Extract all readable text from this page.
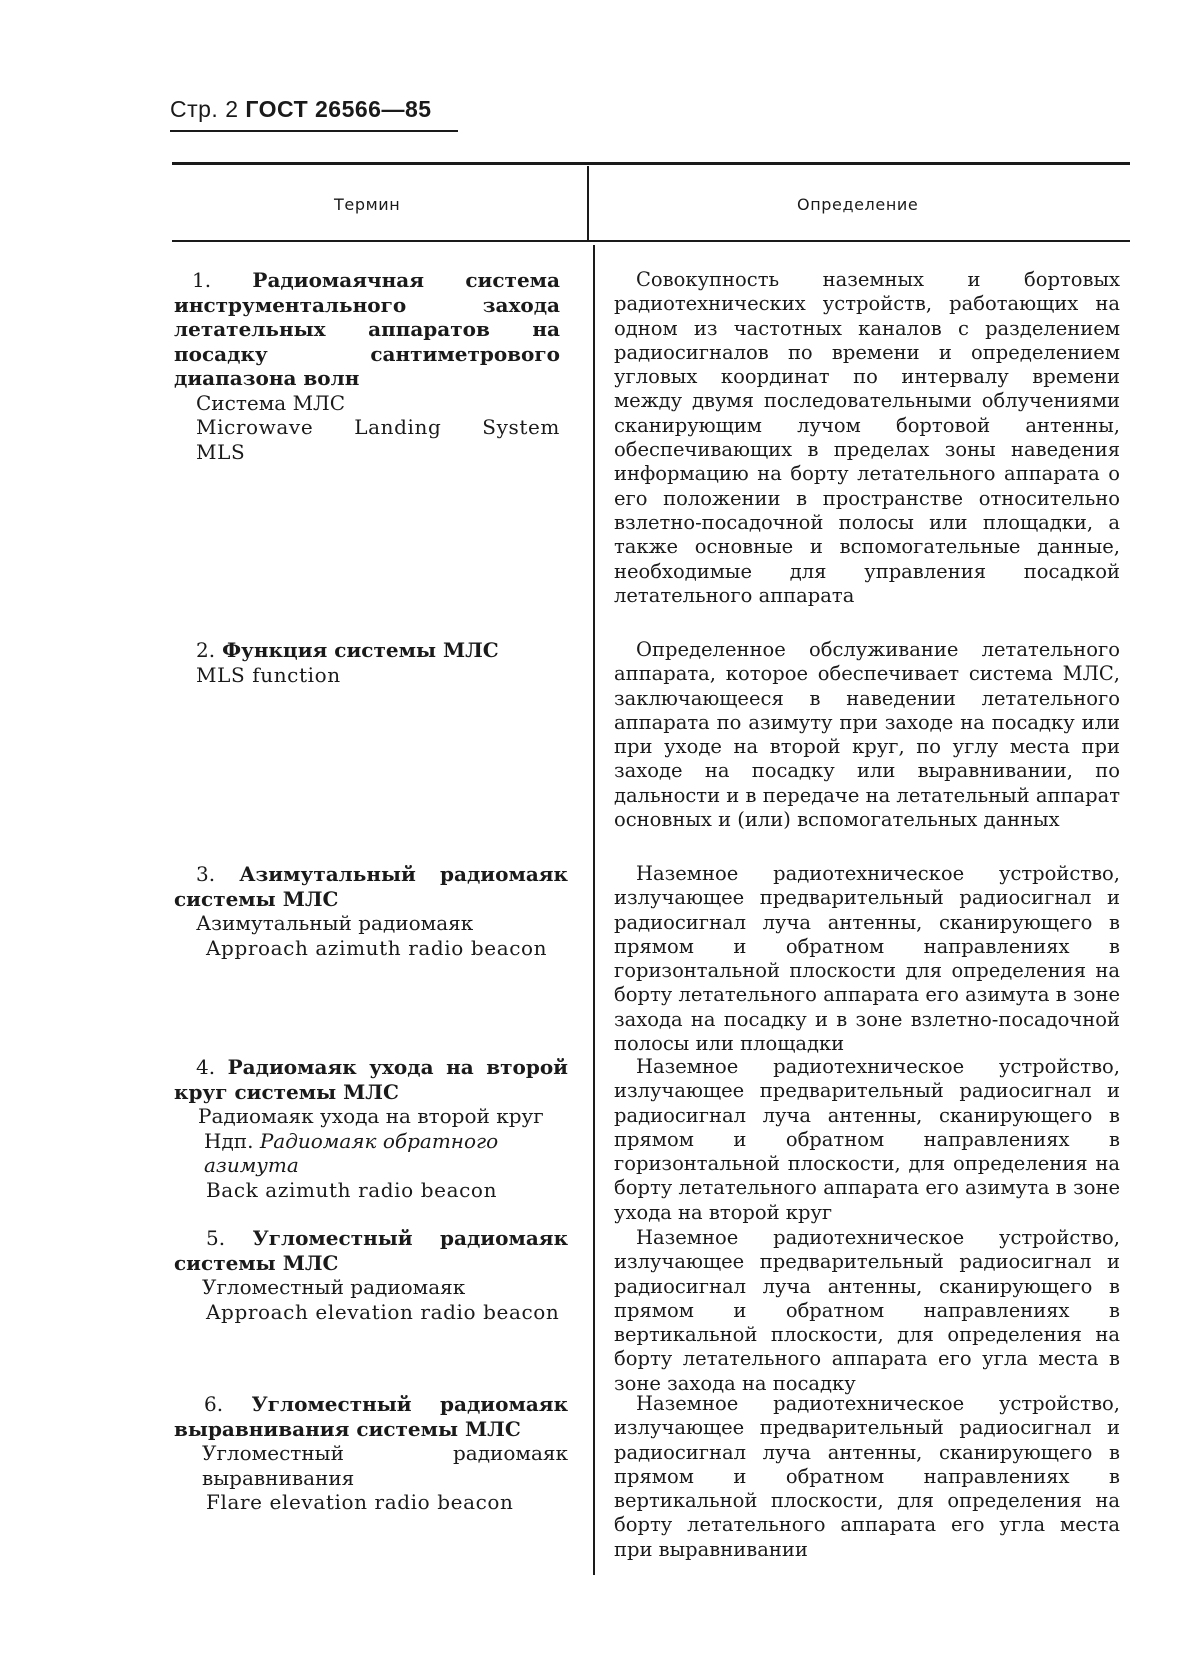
Стр. 2 ГОСТ 26566—85
Термин	Определение
1. Радиомаячная система инструментального захода летательных аппаратов на посадку сантиметрового диапазона волн
Система МЛС
Microwave Landing System
MLS
Совокупность наземных и бортовых радиотехнических устройств, работающих на одном из частотных каналов с разделением радиосигналов по времени и определением угловых координат по интервалу времени между двумя последовательными облучениями сканирующим лучом бортовой антенны, обеспечивающих в пределах зоны наведения информацию на борту летательного аппарата о его положении в пространстве относительно взлетно-посадочной полосы или площадки, а также основные и вспомогательные данные, необходимые для управления посадкой летательного аппарата
2. Функция системы МЛС
MLS function
Определенное обслуживание летательного аппарата, которое обеспечивает система МЛС, заключающееся в наведении летательного аппарата по азимуту при заходе на посадку или при уходе на второй круг, по углу места при заходе на посадку или выравнивании, по дальности и в передаче на летательный аппарат основных и (или) вспомогательных данных
3. Азимутальный радиомаяк системы МЛС
Азимутальный радиомаяк
Approach azimuth radio beacon
Наземное радиотехническое устройство, излучающее предварительный радиосигнал и радиосигнал луча антенны, сканирующего в прямом и обратном направлениях в горизонтальной плоскости для определения на борту летательного аппарата его азимута в зоне захода на посадку и в зоне взлетно-посадочной полосы или площадки
4. Радиомаяк ухода на второй круг системы МЛС
Радиомаяк ухода на второй круг
Ндп. Радиомаяк обратного азимута
Back azimuth radio beacon
Наземное радиотехническое устройство, излучающее предварительный радиосигнал и радиосигнал луча антенны, сканирующего в прямом и обратном направлениях в горизонтальной плоскости, для определения на борту летательного аппарата его азимута в зоне ухода на второй круг
5. Угломестный радиомаяк системы МЛС
Угломестный радиомаяк
Approach elevation radio beacon
Наземное радиотехническое устройство, излучающее предварительный радиосигнал и радиосигнал луча антенны, сканирующего в прямом и обратном направлениях в вертикальной плоскости, для определения на борту летательного аппарата его угла места в зоне захода на посадку
6. Угломестный радиомаяк выравнивания системы МЛС
Угломестный радиомаяк выравнивания
Flare elevation radio beacon
Наземное радиотехническое устройство, излучающее предварительный радиосигнал и радиосигнал луча антенны, сканирующего в прямом и обратном направлениях в вертикальной плоскости, для определения на борту летательного аппарата его угла места при выравнивании
